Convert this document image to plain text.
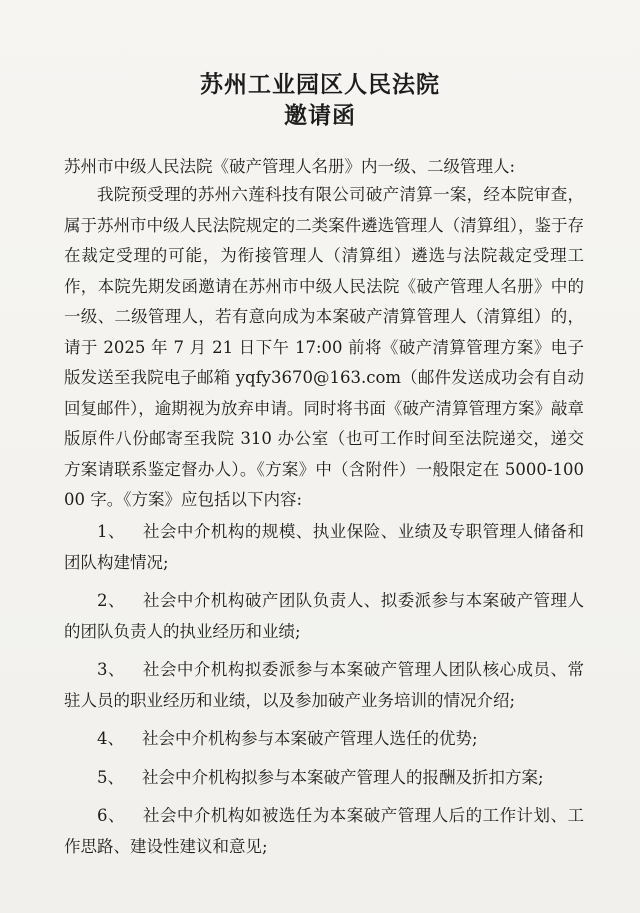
苏州工业园区人民法院
邀请函
苏州市中级人民法院《破产管理人名册》内一级、二级管理人:
我院预受理的苏州六莲科技有限公司破产清算一案，经本院审查，属于苏州市中级人民法院规定的二类案件遴选管理人（清算组），鉴于存在裁定受理的可能，为衔接管理人（清算组）遴选与法院裁定受理工作，本院先期发函邀请在苏州市中级人民法院《破产管理人名册》中的一级、二级管理人，若有意向成为本案破产清算管理人（清算组）的，请于 2025 年 7 月 21 日下午 17:00 前将《破产清算管理方案》电子版发送至我院电子邮箱 yqfy3670@163.com（邮件发送成功会有自动回复邮件），逾期视为放弃申请。同时将书面《破产清算管理方案》敲章版原件八份邮寄至我院 310 办公室（也可工作时间至法院递交，递交方案请联系鉴定督办人）。《方案》中（含附件）一般限定在 5000-10000 字。《方案》应包括以下内容:
1、 社会中介机构的规模、执业保险、业绩及专职管理人储备和团队构建情况;
2、 社会中介机构破产团队负责人、拟委派参与本案破产管理人的团队负责人的执业经历和业绩;
3、 社会中介机构拟委派参与本案破产管理人团队核心成员、常驻人员的职业经历和业绩，以及参加破产业务培训的情况介绍;
4、 社会中介机构参与本案破产管理人选任的优势;
5、 社会中介机构拟参与本案破产管理人的报酬及折扣方案;
6、 社会中介机构如被选任为本案破产管理人后的工作计划、工作思路、建设性建议和意见;
